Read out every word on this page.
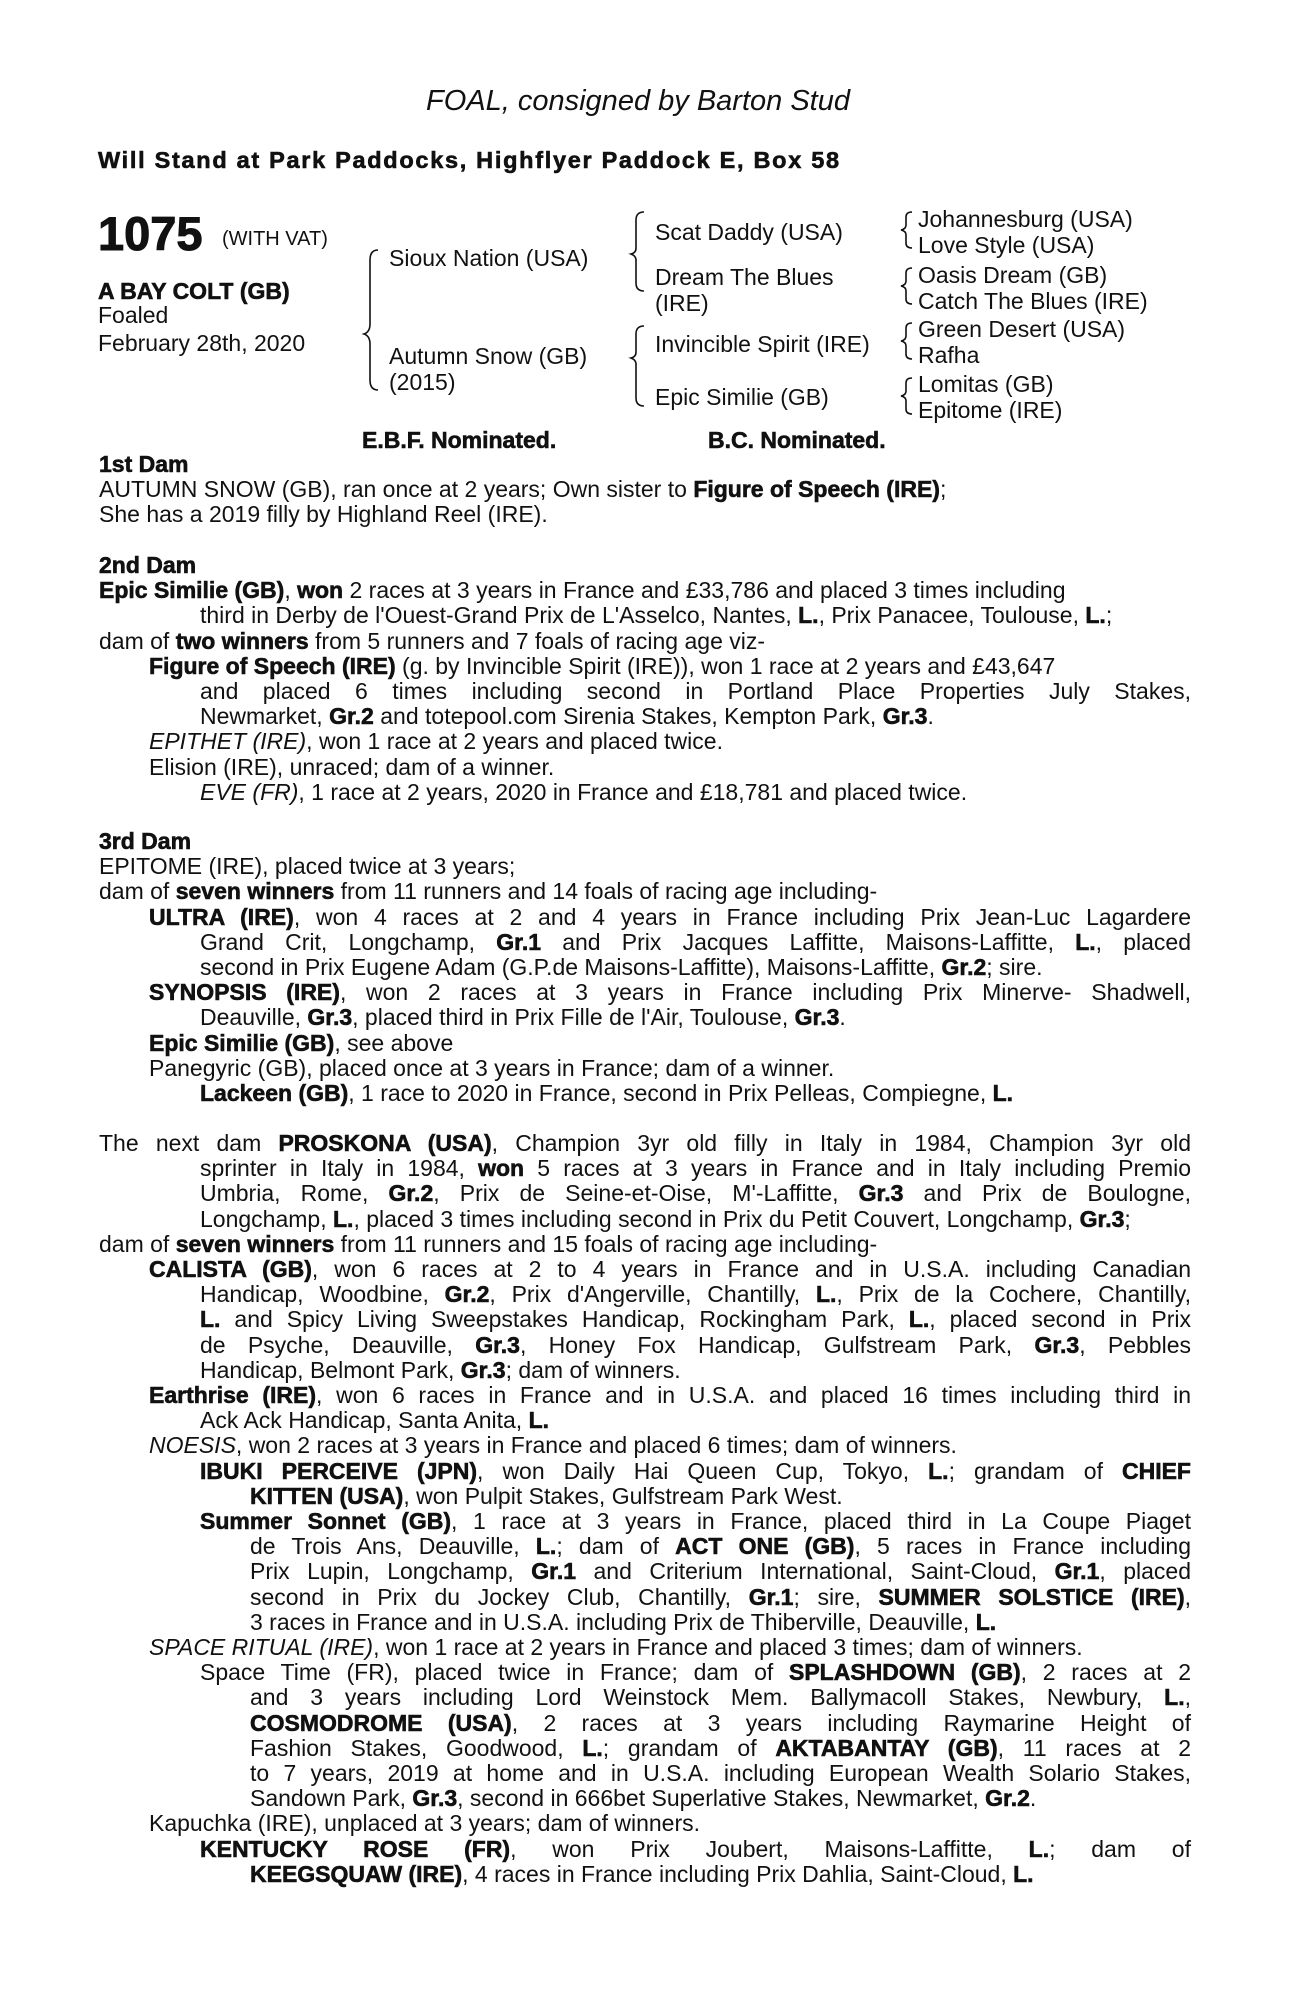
FOAL, consigned by Barton Stud
Will Stand at Park Paddocks, Highflyer Paddock E, Box 58
1075 (WITH VAT)
A BAY COLT (GB)
Foaled
February 28th, 2020
Sioux Nation (USA)
Autumn Snow (GB)
(2015)
Scat Daddy (USA)
Dream The Blues
(IRE)
Invincible Spirit (IRE)
Epic Similie (GB)
Johannesburg (USA)
Love Style (USA)
Oasis Dream (GB)
Catch The Blues (IRE)
Green Desert (USA)
Rafha
Lomitas (GB)
Epitome (IRE)
E.B.F. Nominated.	B.C. Nominated.
1st Dam
AUTUMN SNOW (GB), ran once at 2 years; Own sister to Figure of Speech (IRE);
She has a 2019 filly by Highland Reel (IRE).
2nd Dam
Epic Similie (GB), won 2 races at 3 years in France and £33,786 and placed 3 times including
third in Derby de l'Ouest-Grand Prix de L'Asselco, Nantes, L., Prix Panacee, Toulouse, L.;
dam of two winners from 5 runners and 7 foals of racing age viz-
Figure of Speech (IRE) (g. by Invincible Spirit (IRE)), won 1 race at 2 years and £43,647
and placed 6 times including second in Portland Place Properties July Stakes,
Newmarket, Gr.2 and totepool.com Sirenia Stakes, Kempton Park, Gr.3.
EPITHET (IRE), won 1 race at 2 years and placed twice.
Elision (IRE), unraced; dam of a winner.
EVE (FR), 1 race at 2 years, 2020 in France and £18,781 and placed twice.
3rd Dam
EPITOME (IRE), placed twice at 3 years;
dam of seven winners from 11 runners and 14 foals of racing age including-
ULTRA (IRE), won 4 races at 2 and 4 years in France including Prix Jean-Luc Lagardere
Grand Crit, Longchamp, Gr.1 and Prix Jacques Laffitte, Maisons-Laffitte, L., placed
second in Prix Eugene Adam (G.P.de Maisons-Laffitte), Maisons-Laffitte, Gr.2; sire.
SYNOPSIS (IRE), won 2 races at 3 years in France including Prix Minerve- Shadwell,
Deauville, Gr.3, placed third in Prix Fille de l'Air, Toulouse, Gr.3.
Epic Similie (GB), see above
Panegyric (GB), placed once at 3 years in France; dam of a winner.
Lackeen (GB), 1 race to 2020 in France, second in Prix Pelleas, Compiegne, L.
The next dam PROSKONA (USA), Champion 3yr old filly in Italy in 1984, Champion 3yr old
sprinter in Italy in 1984, won 5 races at 3 years in France and in Italy including Premio
Umbria, Rome, Gr.2, Prix de Seine-et-Oise, M'-Laffitte, Gr.3 and Prix de Boulogne,
Longchamp, L., placed 3 times including second in Prix du Petit Couvert, Longchamp, Gr.3;
dam of seven winners from 11 runners and 15 foals of racing age including-
CALISTA (GB), won 6 races at 2 to 4 years in France and in U.S.A. including Canadian
Handicap, Woodbine, Gr.2, Prix d'Angerville, Chantilly, L., Prix de la Cochere, Chantilly,
L. and Spicy Living Sweepstakes Handicap, Rockingham Park, L., placed second in Prix
de Psyche, Deauville, Gr.3, Honey Fox Handicap, Gulfstream Park, Gr.3, Pebbles
Handicap, Belmont Park, Gr.3; dam of winners.
Earthrise (IRE), won 6 races in France and in U.S.A. and placed 16 times including third in
Ack Ack Handicap, Santa Anita, L.
NOESIS, won 2 races at 3 years in France and placed 6 times; dam of winners.
IBUKI PERCEIVE (JPN), won Daily Hai Queen Cup, Tokyo, L.; grandam of CHIEF
KITTEN (USA), won Pulpit Stakes, Gulfstream Park West.
Summer Sonnet (GB), 1 race at 3 years in France, placed third in La Coupe Piaget
de Trois Ans, Deauville, L.; dam of ACT ONE (GB), 5 races in France including
Prix Lupin, Longchamp, Gr.1 and Criterium International, Saint-Cloud, Gr.1, placed
second in Prix du Jockey Club, Chantilly, Gr.1; sire, SUMMER SOLSTICE (IRE),
3 races in France and in U.S.A. including Prix de Thiberville, Deauville, L.
SPACE RITUAL (IRE), won 1 race at 2 years in France and placed 3 times; dam of winners.
Space Time (FR), placed twice in France; dam of SPLASHDOWN (GB), 2 races at 2
and 3 years including Lord Weinstock Mem. Ballymacoll Stakes, Newbury, L.,
COSMODROME (USA), 2 races at 3 years including Raymarine Height of
Fashion Stakes, Goodwood, L.; grandam of AKTABANTAY (GB), 11 races at 2
to 7 years, 2019 at home and in U.S.A. including European Wealth Solario Stakes,
Sandown Park, Gr.3, second in 666bet Superlative Stakes, Newmarket, Gr.2.
Kapuchka (IRE), unplaced at 3 years; dam of winners.
KENTUCKY ROSE (FR), won Prix Joubert, Maisons-Laffitte, L.; dam of
KEEGSQUAW (IRE), 4 races in France including Prix Dahlia, Saint-Cloud, L.
